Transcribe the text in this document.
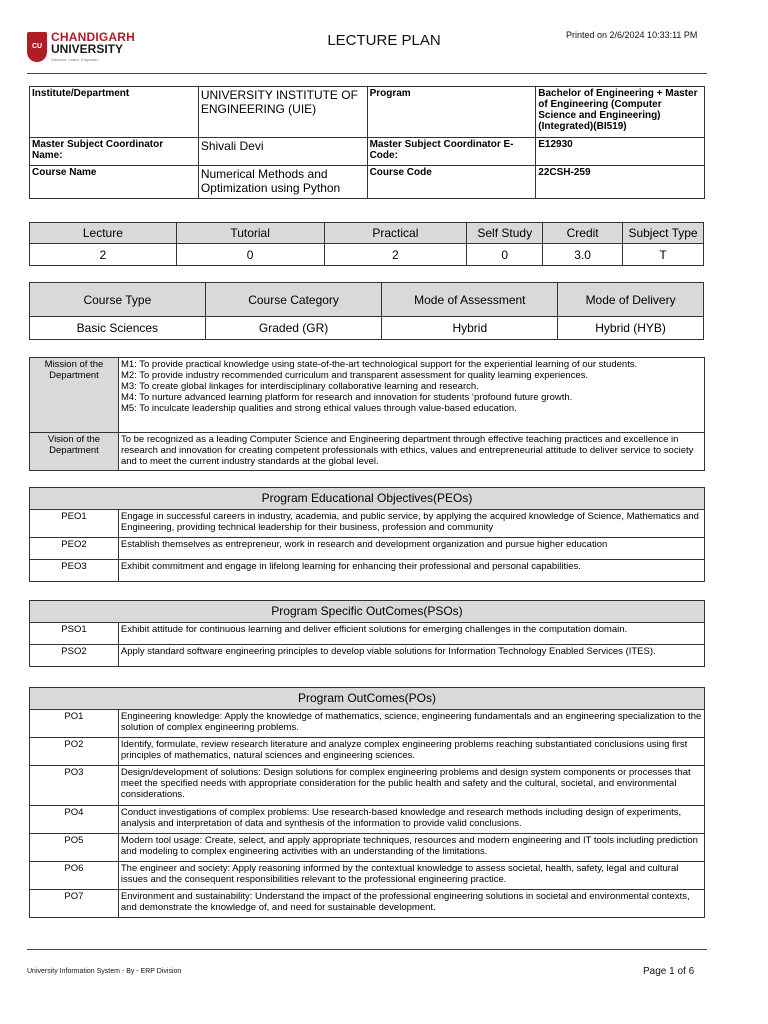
CU
CHANDIGARH
UNIVERSITY
Discover. Learn. Empower.
LECTURE PLAN	Printed on 2/6/2024 10:33:11 PM
Institute/Department	UNIVERSITY INSTITUTE OF ENGINEERING (UIE)	Program	Bachelor of Engineering + Master of Engineering (Computer Science and Engineering) (Integrated)(BI519)
Master Subject Coordinator Name:	Shivali Devi	Master Subject Coordinator E-Code:	E12930
Course Name	Numerical Methods and Optimization using Python	Course Code	22CSH-259
Lecture	Tutorial	Practical	Self Study	Credit	Subject Type
2	0	2	0	3.0	T
Course Type	Course Category	Mode of Assessment	Mode of Delivery
Basic Sciences	Graded (GR)	Hybrid	Hybrid (HYB)
Mission of the Department	M1: To provide practical knowledge using state-of-the-art technological support for the experiential learning of our students.
M2: To provide industry recommended curriculum and transparent assessment for quality learning experiences.
M3: To create global linkages for interdisciplinary collaborative learning and research.
M4: To nurture advanced learning platform for research and innovation for students ‘profound future growth.
M5: To inculcate leadership qualities and strong ethical values through value-based education.

Vision of the Department	To be recognized as a leading Computer Science and Engineering department through effective teaching practices and excellence in research and innovation for creating competent professionals with ethics, values and entrepreneurial attitude to deliver service to society and to meet the current industry standards at the global level.
Program Educational Objectives(PEOs)	
PEO1	Engage in successful careers in industry, academia, and public service, by applying the acquired knowledge of Science, Mathematics and Engineering, providing technical leadership for their business, profession and community
PEO2	Establish themselves as entrepreneur, work in research and development organization and pursue higher education
PEO3	Exhibit commitment and engage in lifelong learning for enhancing their professional and personal capabilities.
Program Specific OutComes(PSOs)	
PSO1	Exhibit attitude for continuous learning and deliver efficient solutions for emerging challenges in the computation domain.
PSO2	Apply standard software engineering principles to develop viable solutions for Information Technology Enabled Services (ITES).
Program OutComes(POs)	
PO1	Engineering knowledge: Apply the knowledge of mathematics, science, engineering fundamentals and an engineering specialization to the solution of complex engineering problems.
PO2	Identify, formulate, review research literature and analyze complex engineering problems reaching substantiated conclusions using first principles of mathematics, natural sciences and engineering sciences.
PO3	Design/development of solutions: Design solutions for complex engineering problems and design system components or processes that meet the specified needs with appropriate consideration for the public health and safety and the cultural, societal, and environmental considerations.
PO4	Conduct investigations of complex problems: Use research-based knowledge and research methods including design of experiments, analysis and interpretation of data and synthesis of the information to provide valid conclusions.
PO5	Modern tool usage: Create, select, and apply appropriate techniques, resources and modern engineering and IT tools including prediction and modeling to complex engineering activities with an understanding of the limitations.
PO6	The engineer and society: Apply reasoning informed by the contextual knowledge to assess societal, health, safety, legal and cultural issues and the consequent responsibilities relevant to the professional engineering practice.
PO7	Environment and sustainability: Understand the impact of the professional engineering solutions in societal and environmental contexts, and demonstrate the knowledge of, and need for sustainable development.
University Information System - By - ERP Division	Page 1 of 6
